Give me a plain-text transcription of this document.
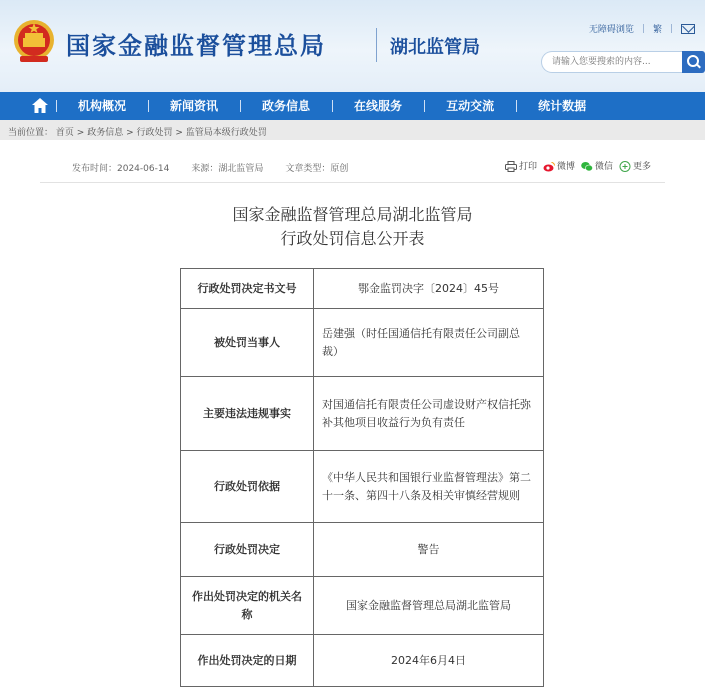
国家金融监督管理总局	湖北监管局
无障碍浏览 | 繁 |
请输入您要搜索的内容...
机构概况	新闻资讯	政务信息	在线服务	互动交流	统计数据
当前位置： 首页 > 政务信息 > 行政处罚 > 监管局本级行政处罚
发布时间：2024-06-14 来源：湖北监管局 文章类型：原创	打印	微博	微信	更多
国家金融监督管理总局湖北监管局
行政处罚信息公开表
行政处罚决定书文号	鄂金监罚决字〔2024〕45号
被处罚当事人	岳建强（时任国通信托有限责任公司副总裁）
主要违法违规事实	对国通信托有限责任公司虚设财产权信托弥补其他项目收益行为负有责任
行政处罚依据	《中华人民共和国银行业监督管理法》第二十一条、第四十八条及相关审慎经营规则
行政处罚决定	警告
作出处罚决定的机关名称	国家金融监督管理总局湖北监管局
作出处罚决定的日期	2024年6月4日
